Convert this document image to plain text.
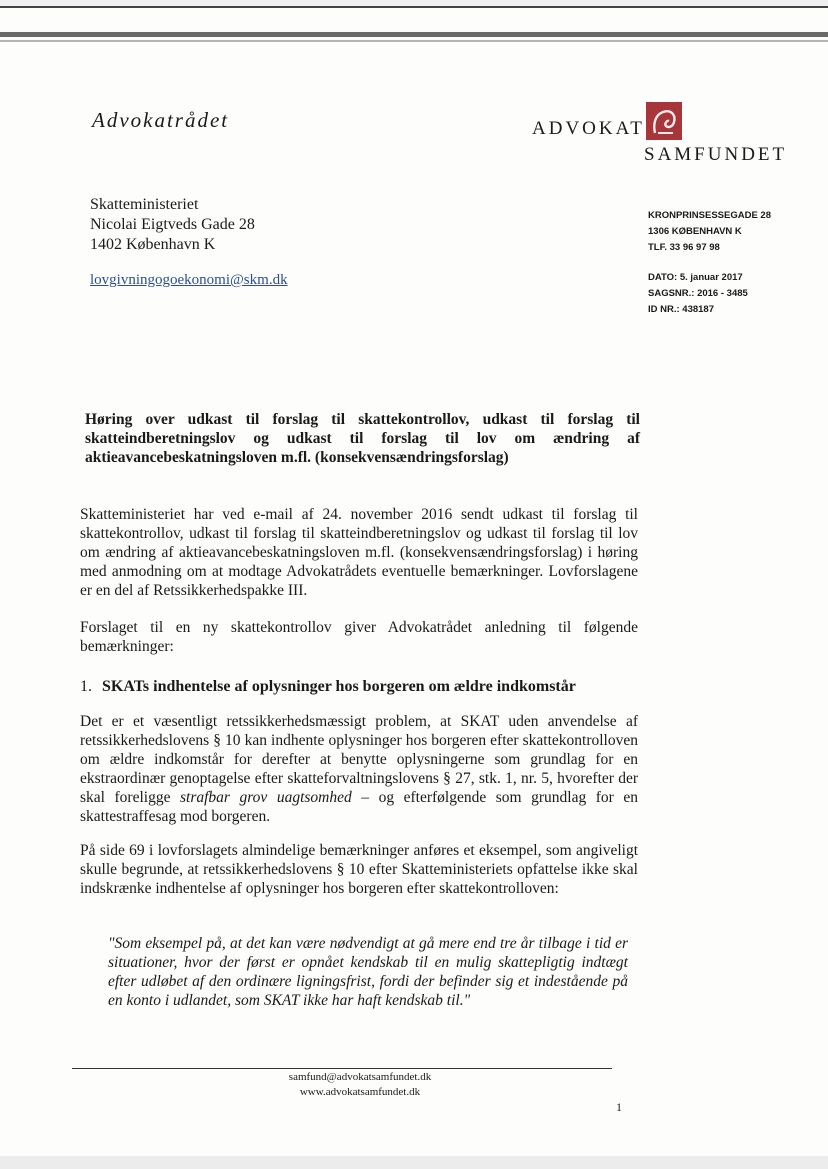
Advokatrådet	ADVOKAT
SAMFUNDET
Skatteministeriet
Nicolai Eigtveds Gade 28
1402 København K
lovgivningogoekonomi@skm.dk
KRONPRINSESSEGADE 28
1306 KØBENHAVN K
TLF. 33 96 97 98
DATO: 5. januar 2017
SAGSNR.: 2016 - 3485
ID NR.: 438187
Høring over udkast til forslag til skattekontrollov, udkast til forslag til skatteindberetningslov og udkast til forslag til lov om ændring af aktieavancebeskatningsloven m.fl. (konsekvensændringsforslag)
Skatteministeriet har ved e-mail af 24. november 2016 sendt udkast til forslag til skattekontrollov, udkast til forslag til skatteindberetningslov og udkast til forslag til lov om ændring af aktieavancebeskatningsloven m.fl. (konsekvensændringsforslag) i høring med anmodning om at modtage Advokatrådets eventuelle bemærkninger. Lovforslagene er en del af Retssikkerhedspakke III.
Forslaget til en ny skattekontrollov giver Advokatrådet anledning til følgende bemærkninger:
1. SKATs indhentelse af oplysninger hos borgeren om ældre indkomstår
Det er et væsentligt retssikkerhedsmæssigt problem, at SKAT uden anvendelse af retssikkerhedslovens § 10 kan indhente oplysninger hos borgeren efter skattekontrolloven om ældre indkomstår for derefter at benytte oplysningerne som grundlag for en ekstraordinær genoptagelse efter skatteforvaltningslovens § 27, stk. 1, nr. 5, hvorefter der skal foreligge strafbar grov uagtsomhed – og efterfølgende som grundlag for en skattestraffesag mod borgeren.
På side 69 i lovforslagets almindelige bemærkninger anføres et eksempel, som angiveligt skulle begrunde, at retssikkerhedslovens § 10 efter Skatteministeriets opfattelse ikke skal indskrænke indhentelse af oplysninger hos borgeren efter skattekontrolloven:
"Som eksempel på, at det kan være nødvendigt at gå mere end tre år tilbage i tid er situationer, hvor der først er opnået kendskab til en mulig skattepligtig indtægt efter udløbet af den ordinære ligningsfrist, fordi der befinder sig et indestående på en konto i udlandet, som SKAT ikke har haft kendskab til."
samfund@advokatsamfundet.dk
www.advokatsamfundet.dk
1
